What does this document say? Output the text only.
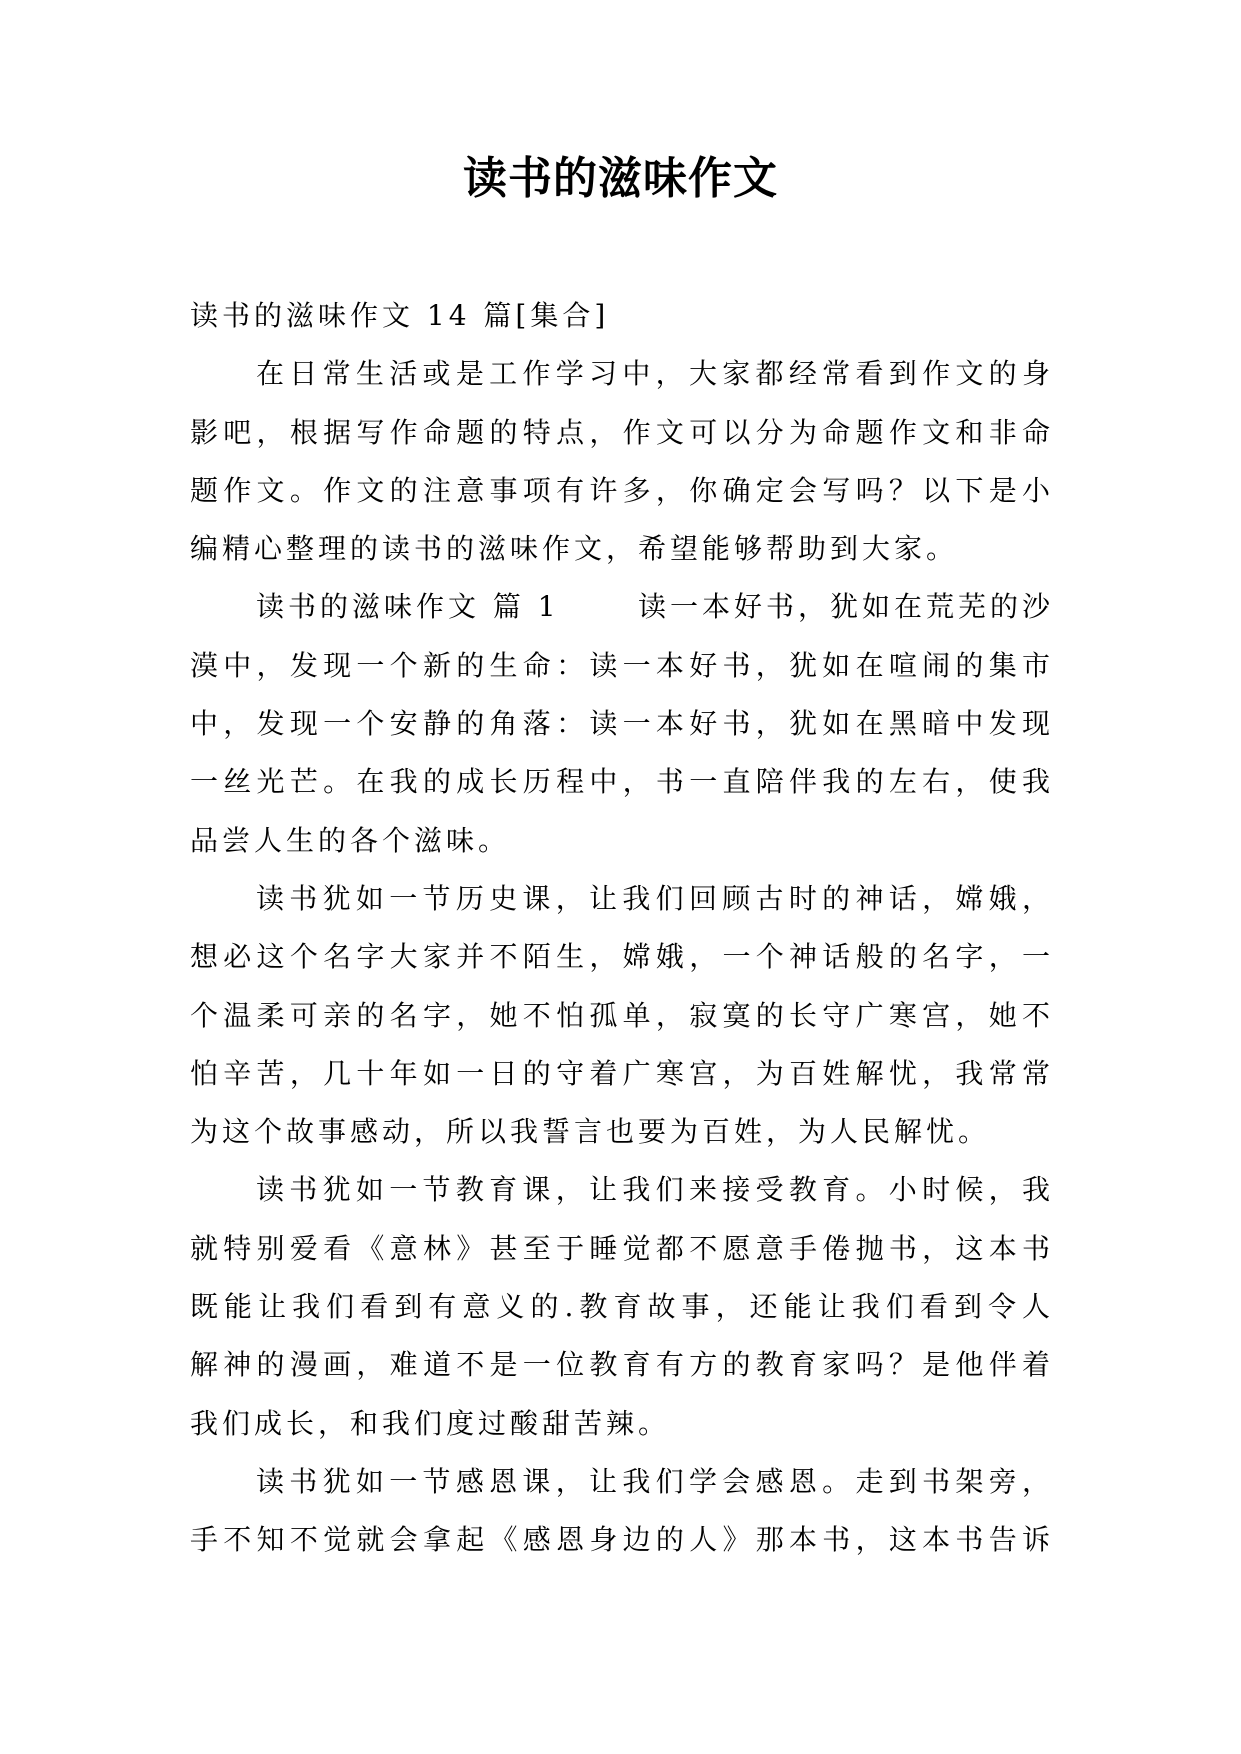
读书的滋味作文
读书的滋味作文 14 篇[集合]
在日常生活或是工作学习中，大家都经常看到作文的身
影吧，根据写作命题的特点，作文可以分为命题作文和非命
题作文。作文的注意事项有许多，你确定会写吗？以下是小
编精心整理的读书的滋味作文，希望能够帮助到大家。
读书的滋味作文 篇 1	读一本好书，犹如在荒芜的沙
漠中，发现一个新的生命：读一本好书，犹如在喧闹的集市
中，发现一个安静的角落：读一本好书，犹如在黑暗中发现
一丝光芒。在我的成长历程中，书一直陪伴我的左右，使我
品尝人生的各个滋味。
读书犹如一节历史课，让我们回顾古时的神话，嫦娥，
想必这个名字大家并不陌生，嫦娥，一个神话般的名字，一
个温柔可亲的名字，她不怕孤单，寂寞的长守广寒宫，她不
怕辛苦，几十年如一日的守着广寒宫，为百姓解忧，我常常
为这个故事感动，所以我誓言也要为百姓，为人民解忧。
读书犹如一节教育课，让我们来接受教育。小时候，我
就特别爱看《意林》甚至于睡觉都不愿意手倦抛书，这本书
既能让我们看到有意义的.教育故事，还能让我们看到令人
解神的漫画，难道不是一位教育有方的教育家吗？是他伴着
我们成长，和我们度过酸甜苦辣。
读书犹如一节感恩课，让我们学会感恩。走到书架旁，
手不知不觉就会拿起《感恩身边的人》那本书，这本书告诉
